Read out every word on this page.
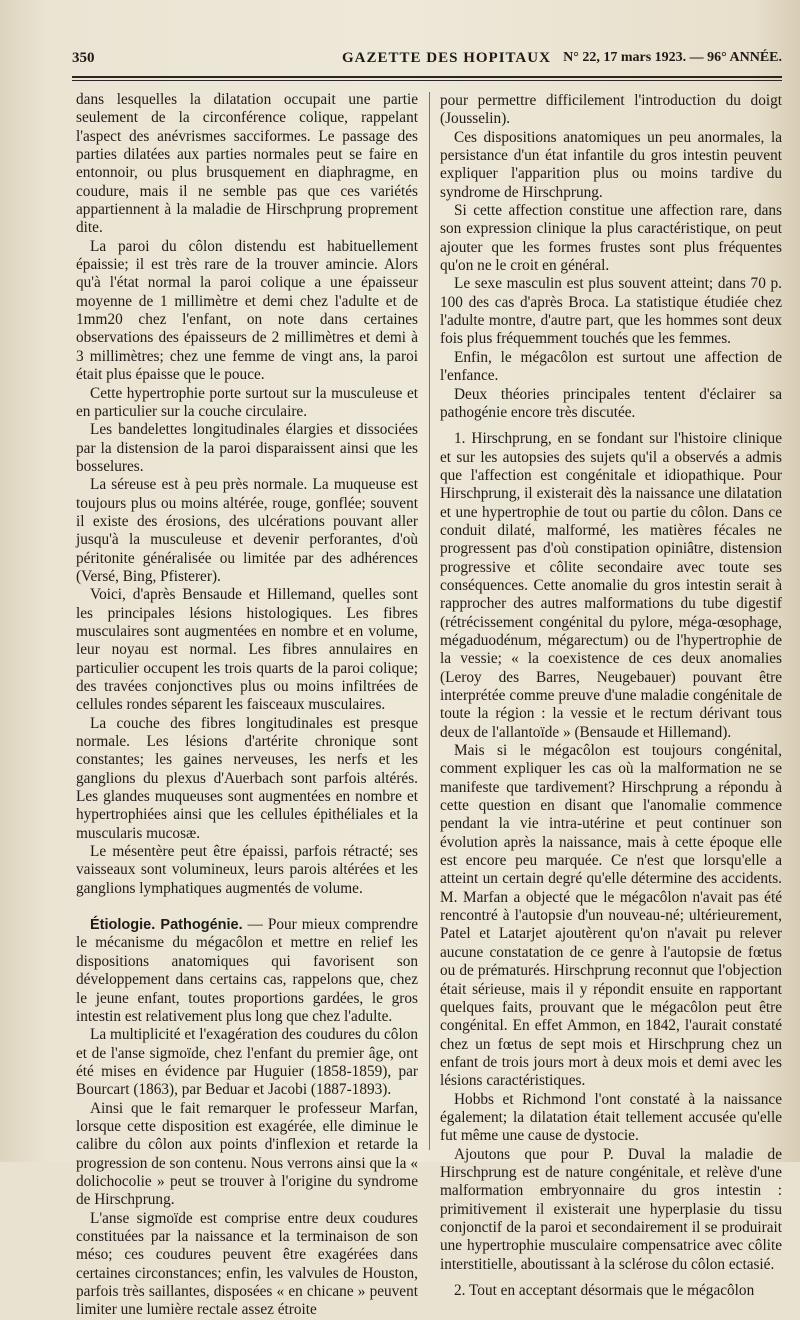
350	GAZETTE DES HOPITAUX N° 22, 17 mars 1923. — 96° ANNÉE.

dans lesquelles la dilatation occupait une partie seulement de la circonférence colique, rappelant l'aspect des anévrismes sacciformes. Le passage des parties dilatées aux parties normales peut se faire en entonnoir, ou plus brusquement en diaphragme, en coudure, mais il ne semble pas que ces variétés appartiennent à la maladie de Hirschprung proprement dite.

La paroi du côlon distendu est habituellement épaissie; il est très rare de la trouver amincie. Alors qu'à l'état normal la paroi colique a une épaisseur moyenne de 1 millimètre et demi chez l'adulte et de 1mm20 chez l'enfant, on note dans certaines observations des épaisseurs de 2 millimètres et demi à 3 millimètres; chez une femme de vingt ans, la paroi était plus épaisse que le pouce.

Cette hypertrophie porte surtout sur la musculeuse et en particulier sur la couche circulaire.

Les bandelettes longitudinales élargies et dissociées par la distension de la paroi disparaissent ainsi que les bosselures.

La séreuse est à peu près normale. La muqueuse est toujours plus ou moins altérée, rouge, gonflée; souvent il existe des érosions, des ulcérations pouvant aller jusqu'à la musculeuse et devenir perforantes, d'où péritonite généralisée ou limitée par des adhérences (Versé, Bing, Pfisterer).

Voici, d'après Bensaude et Hillemand, quelles sont les principales lésions histologiques. Les fibres musculaires sont augmentées en nombre et en volume, leur noyau est normal. Les fibres annulaires en particulier occupent les trois quarts de la paroi colique; des travées conjonctives plus ou moins infiltrées de cellules rondes séparent les faisceaux musculaires.

La couche des fibres longitudinales est presque normale. Les lésions d'artérite chronique sont constantes; les gaines nerveuses, les nerfs et les ganglions du plexus d'Auerbach sont parfois altérés. Les glandes muqueuses sont augmentées en nombre et hypertrophiées ainsi que les cellules épithéliales et la muscularis mucosæ.

Le mésentère peut être épaissi, parfois rétracté; ses vaisseaux sont volumineux, leurs parois altérées et les ganglions lymphatiques augmentés de volume.

Étiologie. Pathogénie. — Pour mieux comprendre le mécanisme du mégacôlon et mettre en relief les dispositions anatomiques qui favorisent son développement dans certains cas, rappelons que, chez le jeune enfant, toutes proportions gardées, le gros intestin est relativement plus long que chez l'adulte.

La multiplicité et l'exagération des coudures du côlon et de l'anse sigmoïde, chez l'enfant du premier âge, ont été mises en évidence par Huguier (1858-1859), par Bourcart (1863), par Beduar et Jacobi (1887-1893).

Ainsi que le fait remarquer le professeur Marfan, lorsque cette disposition est exagérée, elle diminue le calibre du côlon aux points d'inflexion et retarde la progression de son contenu. Nous verrons ainsi que la « dolichocolie » peut se trouver à l'origine du syndrome de Hirschprung.

L'anse sigmoïde est comprise entre deux coudures constituées par la naissance et la terminaison de son méso; ces coudures peuvent être exagérées dans certaines circonstances; enfin, les valvules de Houston, parfois très saillantes, disposées « en chicane » peuvent limiter une lumière rectale assez étroite

pour permettre difficilement l'introduction du doigt (Jousselin).

Ces dispositions anatomiques un peu anormales, la persistance d'un état infantile du gros intestin peuvent expliquer l'apparition plus ou moins tardive du syndrome de Hirschprung.

Si cette affection constitue une affection rare, dans son expression clinique la plus caractéristique, on peut ajouter que les formes frustes sont plus fréquentes qu'on ne le croit en général.

Le sexe masculin est plus souvent atteint; dans 70 p. 100 des cas d'après Broca. La statistique étudiée chez l'adulte montre, d'autre part, que les hommes sont deux fois plus fréquemment touchés que les femmes.

Enfin, le mégacôlon est surtout une affection de l'enfance.

Deux théories principales tentent d'éclairer sa pathogénie encore très discutée.

1. Hirschprung, en se fondant sur l'histoire clinique et sur les autopsies des sujets qu'il a observés a admis que l'affection est congénitale et idiopathique. Pour Hirschprung, il existerait dès la naissance une dilatation et une hypertrophie de tout ou partie du côlon. Dans ce conduit dilaté, malformé, les matières fécales ne progressent pas d'où constipation opiniâtre, distension progressive et côlite secondaire avec toute ses conséquences. Cette anomalie du gros intestin serait à rapprocher des autres malformations du tube digestif (rétrécissement congénital du pylore, méga-œsophage, mégaduodénum, mégarectum) ou de l'hypertrophie de la vessie; « la coexistence de ces deux anomalies (Leroy des Barres, Neugebauer) pouvant être interprétée comme preuve d'une maladie congénitale de toute la région : la vessie et le rectum dérivant tous deux de l'allantoïde » (Bensaude et Hillemand).

Mais si le mégacôlon est toujours congénital, comment expliquer les cas où la malformation ne se manifeste que tardivement? Hirschprung a répondu à cette question en disant que l'anomalie commence pendant la vie intra-utérine et peut continuer son évolution après la naissance, mais à cette époque elle est encore peu marquée. Ce n'est que lorsqu'elle a atteint un certain degré qu'elle détermine des accidents. M. Marfan a objecté que le mégacôlon n'avait pas été rencontré à l'autopsie d'un nouveau-né; ultérieurement, Patel et Latarjet ajoutèrent qu'on n'avait pu relever aucune constatation de ce genre à l'autopsie de fœtus ou de prématurés. Hirschprung reconnut que l'objection était sérieuse, mais il y répondit ensuite en rapportant quelques faits, prouvant que le mégacôlon peut être congénital. En effet Ammon, en 1842, l'aurait constaté chez un fœtus de sept mois et Hirschprung chez un enfant de trois jours mort à deux mois et demi avec les lésions caractéristiques.

Hobbs et Richmond l'ont constaté à la naissance également; la dilatation était tellement accusée qu'elle fut même une cause de dystocie.

Ajoutons que pour P. Duval la maladie de Hirschprung est de nature congénitale, et relève d'une malformation embryonnaire du gros intestin : primitivement il existerait une hyperplasie du tissu conjonctif de la paroi et secondairement il se produirait une hypertrophie musculaire compensatrice avec côlite interstitielle, aboutissant à la sclérose du côlon ectasié.

2. Tout en acceptant désormais que le mégacôlon
